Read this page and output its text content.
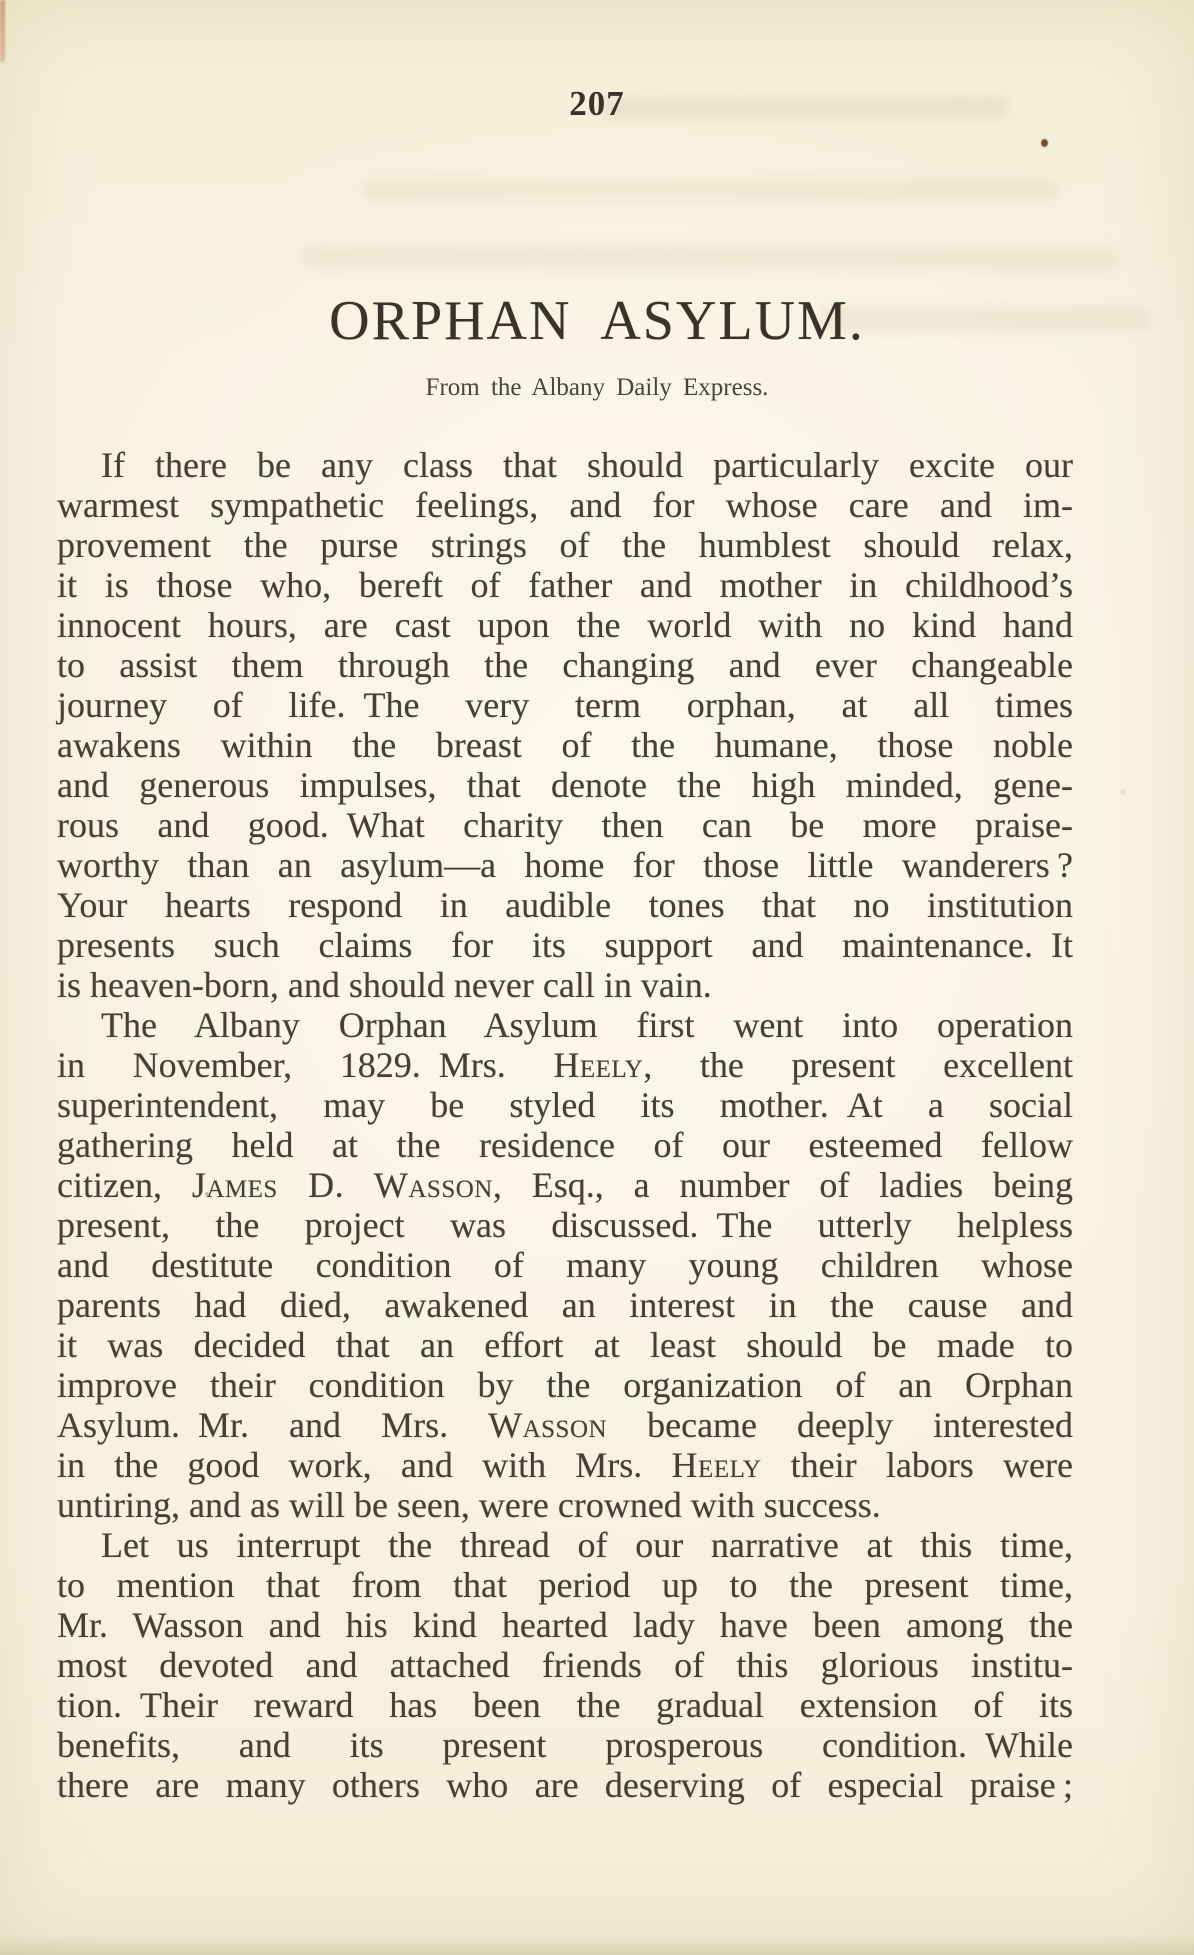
207
ORPHAN ASYLUM.
From the Albany Daily Express.
If there be any class that should particularly excite our
warmest sympathetic feelings, and for whose care and im-
provement the purse strings of the humblest should relax,
it is those who, bereft of father and mother in childhood’s
innocent hours, are cast upon the world with no kind hand
to assist them through the changing and ever changeable
journey of life. The very term orphan, at all times
awakens within the breast of the humane, those noble
and generous impulses, that denote the high minded, gene-
rous and good. What charity then can be more praise-
worthy than an asylum—a home for those little wanderers ?
Your hearts respond in audible tones that no institution
presents such claims for its support and maintenance. It
is heaven-born, and should never call in vain.
The Albany Orphan Asylum first went into operation
in November, 1829. Mrs. Heely, the present excellent
superintendent, may be styled its mother. At a social
gathering held at the residence of our esteemed fellow
citizen, James D. Wasson, Esq., a number of ladies being
present, the project was discussed. The utterly helpless
and destitute condition of many young children whose
parents had died, awakened an interest in the cause and
it was decided that an effort at least should be made to
improve their condition by the organization of an Orphan
Asylum. Mr. and Mrs. Wasson became deeply interested
in the good work, and with Mrs. Heely their labors were
untiring, and as will be seen, were crowned with success.
Let us interrupt the thread of our narrative at this time,
to mention that from that period up to the present time,
Mr. Wasson and his kind hearted lady have been among the
most devoted and attached friends of this glorious institu-
tion. Their reward has been the gradual extension of its
benefits, and its present prosperous condition. While
there are many others who are deserving of especial praise ;
